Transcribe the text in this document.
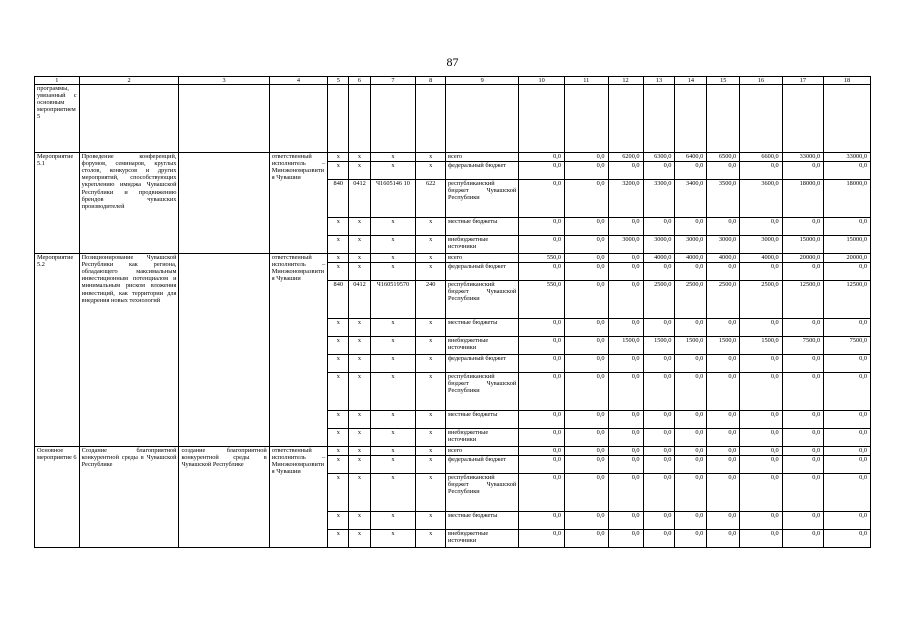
87
1	2	3	4	5	6	7	8	9	10	11	12	13	14	15	16	17	18
программы, увязанный с основным мероприятием 5																	
Мероприятие 5.1	Проведение конференций, форумов, семинаров, круглых столов, конкурсов и других мероприятий, способствующих укреплению имиджа Чувашской Республики и продвижению брендов чувашских производителей		ответственный исполнитель – Минэкономразвития Чувашии	x	x	x	x	всего	0,0	0,0	6200,0	6300,0	6400,0	6500,0	6600,0	33000,0	33000,0
				x	x	x	x	федеральный бюджет	0,0	0,0	0,0	0,0	0,0	0,0	0,0	0,0	0,0
				840	0412	Ч1605146 10	622	республиканский бюджет Чувашской Республики	0,0	0,0	3200,0	3300,0	3400,0	3500,0	3600,0	18000,0	18000,0
				x	x	x	x	местные бюджеты	0,0	0,0	0,0	0,0	0,0	0,0	0,0	0,0	0,0
				x	x	x	x	внебюджетные источники	0,0	0,0	3000,0	3000,0	3000,0	3000,0	3000,0	15000,0	15000,0
Мероприятие 5.2	Позиционирование Чувашской Республики как региона, обладающего максимальным инвестиционным потенциалом и минимальным риском вложения инвестиций, как территории для внедрения новых технологий		ответственный исполнитель – Минэкономразвития Чувашии	x	x	x	x	всего	550,0	0,0	0,0	4000,0	4000,0	4000,0	4000,0	20000,0	20000,0
				x	x	x	x	федеральный бюджет	0,0	0,0	0,0	0,0	0,0	0,0	0,0	0,0	0,0
				840	0412	Ч160519570	240	республиканский бюджет Чувашской Республики	550,0	0,0	0,0	2500,0	2500,0	2500,0	2500,0	12500,0	12500,0
				x	x	x	x	местные бюджеты	0,0	0,0	0,0	0,0	0,0	0,0	0,0	0,0	0,0
				x	x	x	x	внебюджетные источники	0,0	0,0	1500,0	1500,0	1500,0	1500,0	1500,0	7500,0	7500,0
				x	x	x	x	федеральный бюджет	0,0	0,0	0,0	0,0	0,0	0,0	0,0	0,0	0,0
				x	x	x	x	республиканский бюджет Чувашской Республики	0,0	0,0	0,0	0,0	0,0	0,0	0,0	0,0	0,0
				x	x	x	x	местные бюджеты	0,0	0,0	0,0	0,0	0,0	0,0	0,0	0,0	0,0
				x	x	x	x	внебюджетные источники	0,0	0,0	0,0	0,0	0,0	0,0	0,0	0,0	0,0
Основное мероприятие 6	Создание благоприятной конкурентной среды в Чувашской Республике	создание благоприятной конкурентной среды в Чувашской Республике	ответственный исполнитель – Минэкономразвития Чувашии	x	x	x	x	всего	0,0	0,0	0,0	0,0	0,0	0,0	0,0	0,0	0,0
				x	x	x	x	федеральный бюджет	0,0	0,0	0,0	0,0	0,0	0,0	0,0	0,0	0,0
				x	x	x	x	республиканский бюджет Чувашской Республики	0,0	0,0	0,0	0,0	0,0	0,0	0,0	0,0	0,0
				x	x	x	x	местные бюджеты	0,0	0,0	0,0	0,0	0,0	0,0	0,0	0,0	0,0
				x	x	x	x	внебюджетные источники	0,0	0,0	0,0	0,0	0,0	0,0	0,0	0,0	0,0
